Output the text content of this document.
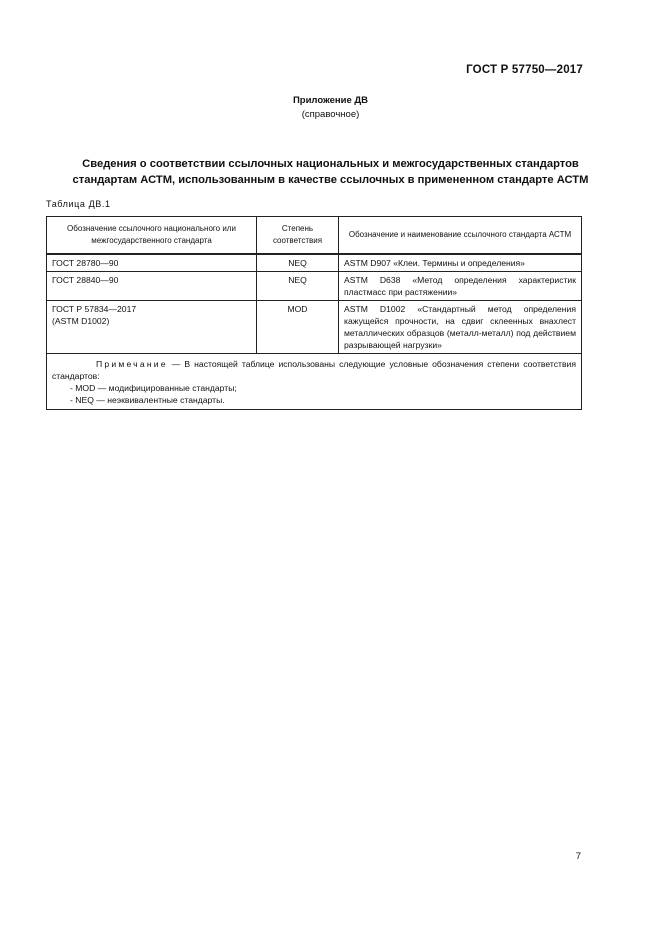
ГОСТ Р 57750—2017
Приложение ДВ
(справочное)
Сведения о соответствии ссылочных национальных и межгосударственных стандартов
стандартам АСТМ, использованным в качестве ссылочных в примененном стандарте АСТМ
Таблица ДВ.1
Обозначение ссылочного национального или межгосударственного стандарта	Степень соответствия	Обозначение и наименование ссылочного стандарта АСТМ
ГОСТ 28780—90	NEQ	ASTM D907 «Клеи. Термины и определения»
ГОСТ 28840—90	NEQ	ASTM D638 «Метод определения характеристик пластмасс при растяжении»

ГОСТ Р 57834—2017
(ASTM D1002)	MOD	ASTM D1002 «Стандартный метод определения кажущейся прочности, на сдвиг склеенных внахлест металлических образцов (металл-металл) под действием разрывающей нагрузки»

Примечание — В настоящей таблице использованы следующие условные обозначения степени соответствия стандартов:
- MOD — модифицированные стандарты;
- NEQ — неэквивалентные стандарты.		
7
